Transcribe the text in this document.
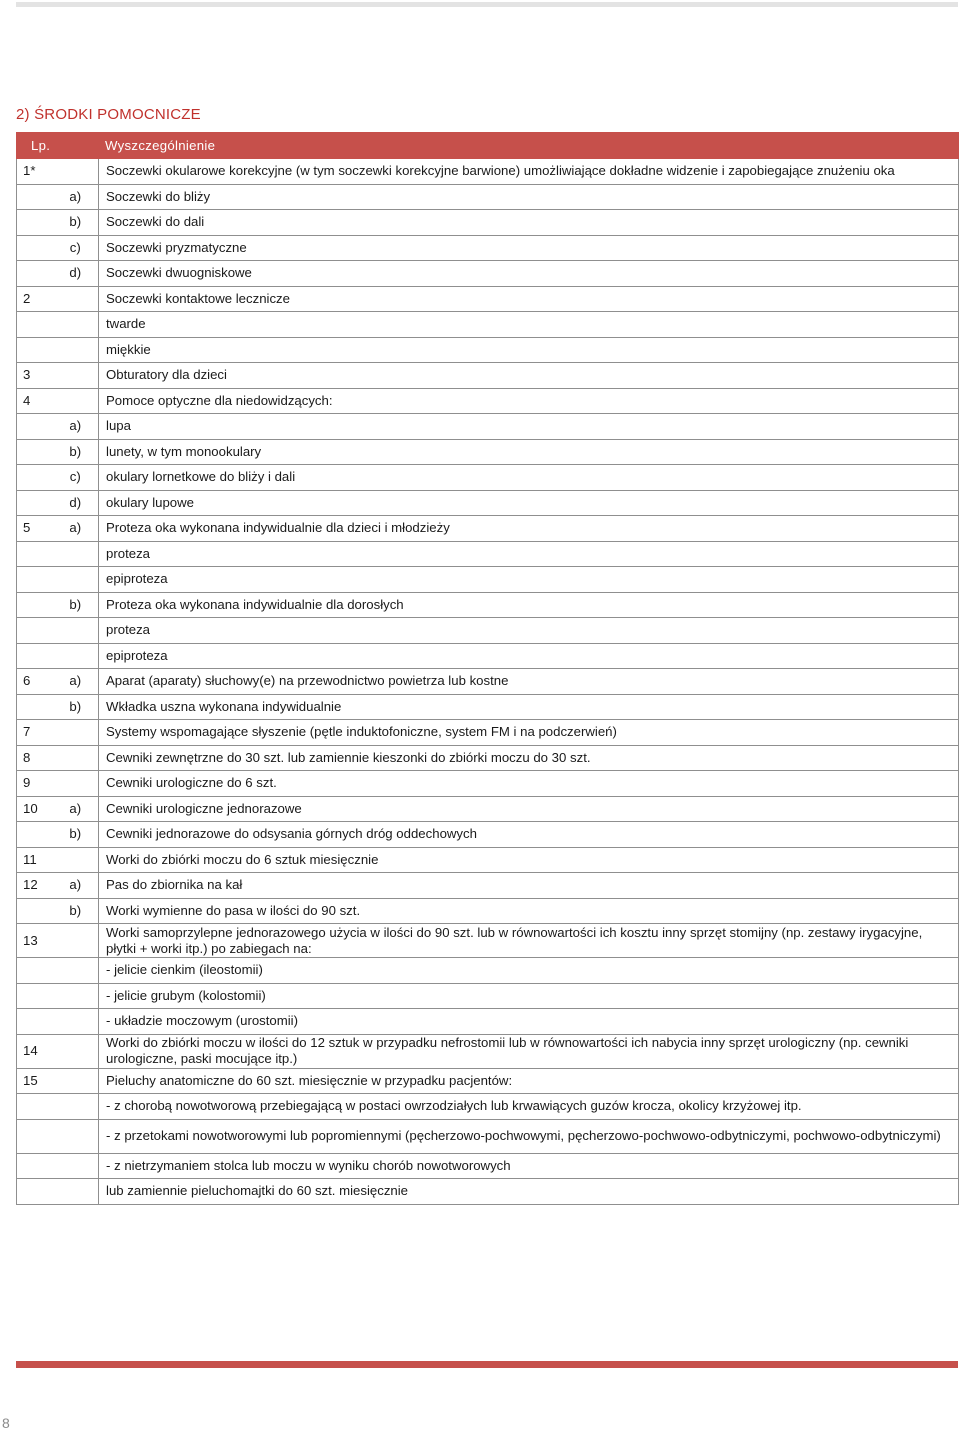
2) ŚRODKI POMOCNICZE
Lp.		Wyszczególnienie
1*		Soczewki okularowe korekcyjne (w tym soczewki korekcyjne barwione) umożliwiające dokładne widzenie i zapobiegające znużeniu oka
	a)	Soczewki do bliży
	b)	Soczewki do dali
	c)	Soczewki pryzmatyczne
	d)	Soczewki dwuogniskowe
2		Soczewki kontaktowe lecznicze
		twarde
		miękkie
3		Obturatory dla dzieci
4		Pomoce optyczne dla niedowidzących:
	a)	lupa
	b)	lunety, w tym monookulary
	c)	okulary lornetkowe do bliży i dali
	d)	okulary lupowe
5	a)	Proteza oka wykonana indywidualnie dla dzieci i młodzieży
		proteza
		epiproteza
	b)	Proteza oka wykonana indywidualnie dla dorosłych
		proteza
		epiproteza
6	a)	Aparat (aparaty) słuchowy(e) na przewodnictwo powietrza lub kostne
	b)	Wkładka uszna wykonana indywidualnie
7		Systemy wspomagające słyszenie (pętle induktofoniczne, system FM i na podczerwień)
8		Cewniki zewnętrzne do 30 szt. lub zamiennie kieszonki do zbiórki moczu do 30 szt.
9		Cewniki urologiczne do 6 szt.
10	a)	Cewniki urologiczne jednorazowe
	b)	Cewniki jednorazowe do odsysania górnych dróg oddechowych
11		Worki do zbiórki moczu do 6 sztuk miesięcznie
12	a)	Pas do zbiornika na kał
	b)	Worki wymienne do pasa w ilości do 90 szt.
13		Worki samoprzylepne jednorazowego użycia w ilości do 90 szt. lub w równowartości ich kosztu inny sprzęt stomijny (np. zestawy irygacyjne, płytki + worki itp.) po zabiegach na:
		- jelicie cienkim (ileostomii)
		- jelicie grubym (kolostomii)
		- układzie moczowym (urostomii)
14		Worki do zbiórki moczu w ilości do 12 sztuk w przypadku nefrostomii lub w równowartości ich nabycia inny sprzęt urologiczny (np. cewniki urologiczne, paski mocujące itp.)
15		Pieluchy anatomiczne do 60 szt. miesięcznie w przypadku pacjentów:
		- z chorobą nowotworową przebiegającą w postaci owrzodziałych lub krwawiących guzów krocza, okolicy krzyżowej itp.
		- z przetokami nowotworowymi lub popromiennymi (pęcherzowo-pochwowymi, pęcherzowo-pochwowo-odbytniczymi, pochwowo-odbytniczymi)
		- z nietrzymaniem stolca lub moczu w wyniku chorób nowotworowych
		lub zamiennie pieluchomajtki do 60 szt. miesięcznie
8
